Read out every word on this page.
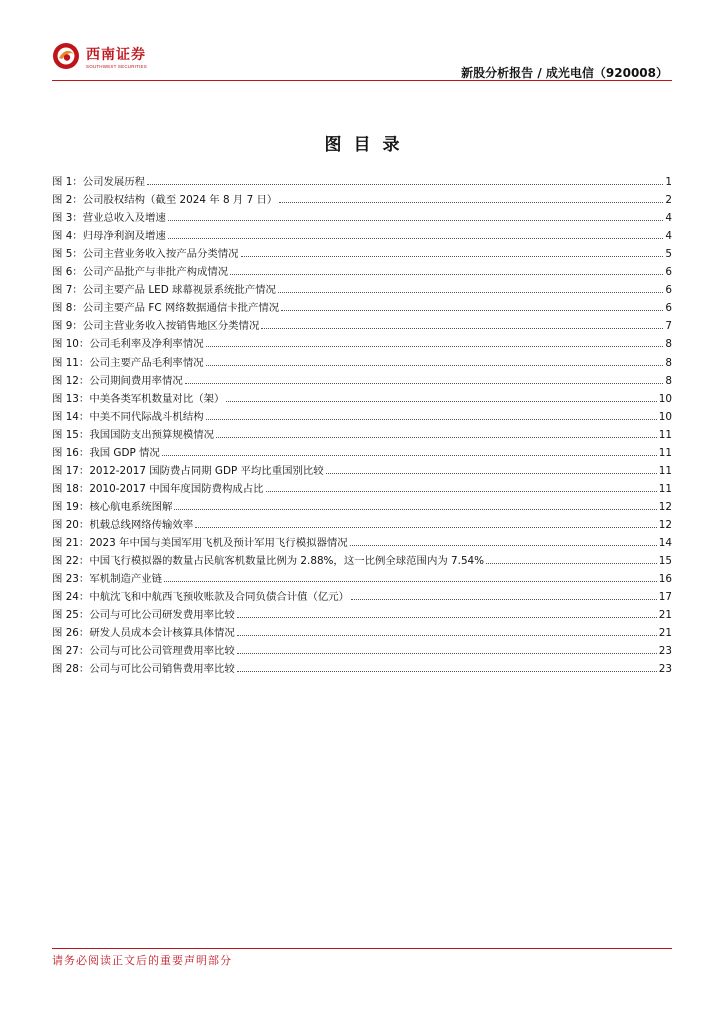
西南证券
SOUTHWEST SECURITIES	新股分析报告 / 成光电信（920008）
图目录
图 1： 公司发展历程	1
图 2： 公司股权结构（截至 2024 年 8 月 7 日）	2
图 3： 营业总收入及增速	4
图 4： 归母净利润及增速	4
图 5： 公司主营业务收入按产品分类情况	5
图 6： 公司产品批产与非批产构成情况	6
图 7： 公司主要产品 LED 球幕视景系统批产情况	6
图 8： 公司主要产品 FC 网络数据通信卡批产情况	6
图 9： 公司主营业务收入按销售地区分类情况	7
图 10： 公司毛利率及净利率情况	8
图 11： 公司主要产品毛利率情况	8
图 12： 公司期间费用率情况	8
图 13： 中美各类军机数量对比（架）	10
图 14： 中美不同代际战斗机结构	10
图 15： 我国国防支出预算规模情况	11
图 16： 我国 GDP 情况	11
图 17： 2012-2017 国防费占同期 GDP 平均比重国别比较	11
图 18： 2010-2017 中国年度国防费构成占比	11
图 19： 核心航电系统图解	12
图 20： 机载总线网络传输效率	12
图 21： 2023 年中国与美国军用飞机及预计军用飞行模拟器情况	14
图 22： 中国飞行模拟器的数量占民航客机数量比例为 2.88%，这一比例全球范围内为 7.54%	15
图 23： 军机制造产业链	16
图 24： 中航沈飞和中航西飞预收账款及合同负债合计值（亿元）	17
图 25： 公司与可比公司研发费用率比较	21
图 26： 研发人员成本会计核算具体情况	21
图 27： 公司与可比公司管理费用率比较	23
图 28： 公司与可比公司销售费用率比较	23
请务必阅读正文后的重要声明部分
